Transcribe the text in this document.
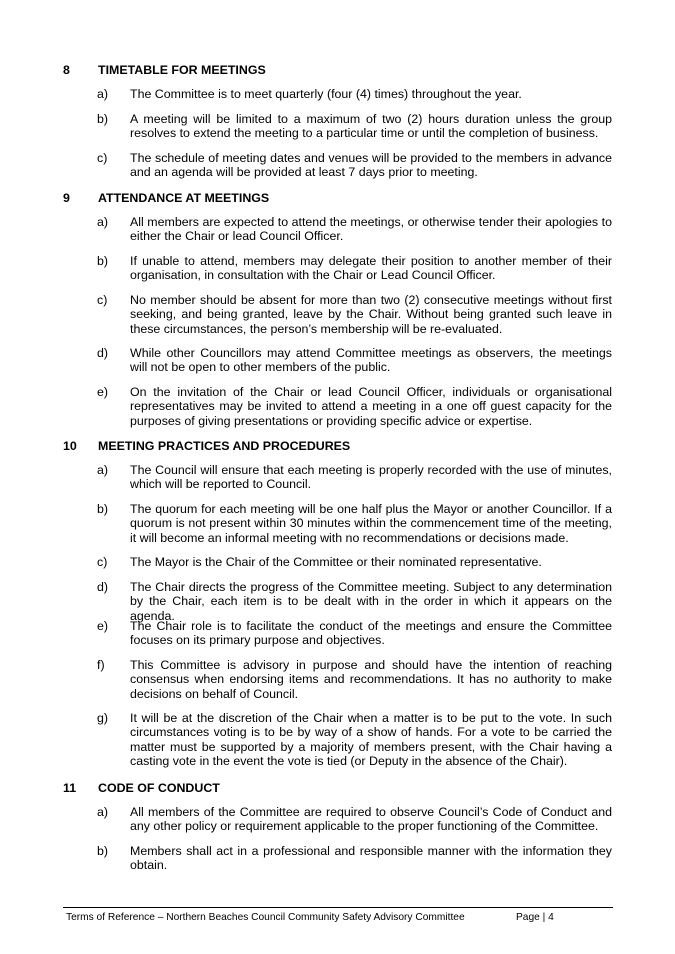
8 TIMETABLE FOR MEETINGS
a) The Committee is to meet quarterly (four (4) times) throughout the year.
b) A meeting will be limited to a maximum of two (2) hours duration unless the group resolves to extend the meeting to a particular time or until the completion of business.
c) The schedule of meeting dates and venues will be provided to the members in advance and an agenda will be provided at least 7 days prior to meeting.
9 ATTENDANCE AT MEETINGS
a) All members are expected to attend the meetings, or otherwise tender their apologies to either the Chair or lead Council Officer.
b) If unable to attend, members may delegate their position to another member of their organisation, in consultation with the Chair or Lead Council Officer.
c) No member should be absent for more than two (2) consecutive meetings without first seeking, and being granted, leave by the Chair. Without being granted such leave in these circumstances, the person’s membership will be re-evaluated.
d) While other Councillors may attend Committee meetings as observers, the meetings will not be open to other members of the public.
e) On the invitation of the Chair or lead Council Officer, individuals or organisational representatives may be invited to attend a meeting in a one off guest capacity for the purposes of giving presentations or providing specific advice or expertise.
10 MEETING PRACTICES AND PROCEDURES
a) The Council will ensure that each meeting is properly recorded with the use of minutes, which will be reported to Council.
b) The quorum for each meeting will be one half plus the Mayor or another Councillor. If a quorum is not present within 30 minutes within the commencement time of the meeting, it will become an informal meeting with no recommendations or decisions made.
c) The Mayor is the Chair of the Committee or their nominated representative.
d) The Chair directs the progress of the Committee meeting. Subject to any determination by the Chair, each item is to be dealt with in the order in which it appears on the agenda.
e) The Chair role is to facilitate the conduct of the meetings and ensure the Committee focuses on its primary purpose and objectives.
f) This Committee is advisory in purpose and should have the intention of reaching consensus when endorsing items and recommendations. It has no authority to make decisions on behalf of Council.
g) It will be at the discretion of the Chair when a matter is to be put to the vote. In such circumstances voting is to be by way of a show of hands. For a vote to be carried the matter must be supported by a majority of members present, with the Chair having a casting vote in the event the vote is tied (or Deputy in the absence of the Chair).
11 CODE OF CONDUCT
a) All members of the Committee are required to observe Council’s Code of Conduct and any other policy or requirement applicable to the proper functioning of the Committee.
b) Members shall act in a professional and responsible manner with the information they obtain.
Terms of Reference – Northern Beaches Council Community Safety Advisory Committee	Page | 4
